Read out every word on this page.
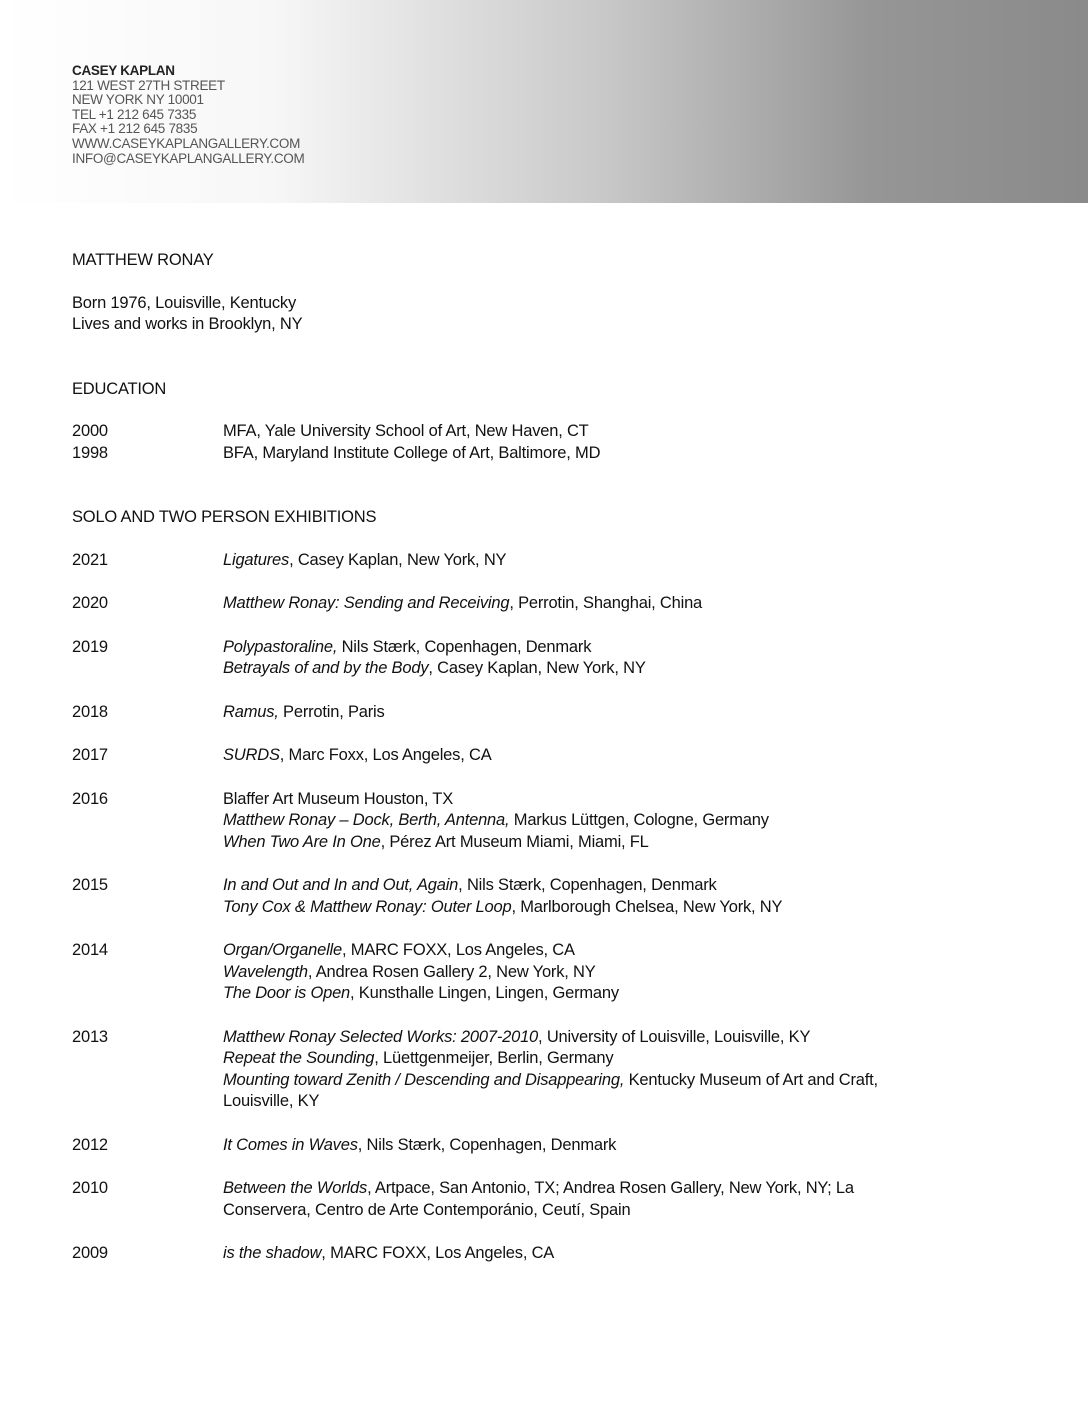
CASEY KAPLAN
121 WEST 27TH STREET
NEW YORK NY 10001
TEL +1 212 645 7335
FAX +1 212 645 7835
WWW.CASEYKAPLANGALLERY.COM
INFO@CASEYKAPLANGALLERY.COM
MATTHEW RONAY
Born 1976, Louisville, Kentucky
Lives and works in Brooklyn, NY
EDUCATION
2000	MFA, Yale University School of Art, New Haven, CT
1998	BFA, Maryland Institute College of Art, Baltimore, MD
SOLO AND TWO PERSON EXHIBITIONS
2021	Ligatures, Casey Kaplan, New York, NY
2020	Matthew Ronay: Sending and Receiving, Perrotin, Shanghai, China
2019	Polypastoraline, Nils Stærk, Copenhagen, Denmark
Betrayals of and by the Body, Casey Kaplan, New York, NY
2018	Ramus, Perrotin, Paris
2017	SURDS, Marc Foxx, Los Angeles, CA
2016	Blaffer Art Museum Houston, TX
Matthew Ronay – Dock, Berth, Antenna, Markus Lüttgen, Cologne, Germany
When Two Are In One, Pérez Art Museum Miami, Miami, FL
2015	In and Out and In and Out, Again, Nils Stærk, Copenhagen, Denmark
Tony Cox & Matthew Ronay: Outer Loop, Marlborough Chelsea, New York, NY
2014	Organ/Organelle, MARC FOXX, Los Angeles, CA
Wavelength, Andrea Rosen Gallery 2, New York, NY
The Door is Open, Kunsthalle Lingen, Lingen, Germany
2013	Matthew Ronay Selected Works: 2007-2010, University of Louisville, Louisville, KY
Repeat the Sounding, Lüettgenmeijer, Berlin, Germany
Mounting toward Zenith / Descending and Disappearing, Kentucky Museum of Art and Craft,
Louisville, KY
2012	It Comes in Waves, Nils Stærk, Copenhagen, Denmark
2010	Between the Worlds, Artpace, San Antonio, TX; Andrea Rosen Gallery, New York, NY; La
Conservera, Centro de Arte Contemporánio, Ceutí, Spain
2009	is the shadow, MARC FOXX, Los Angeles, CA
